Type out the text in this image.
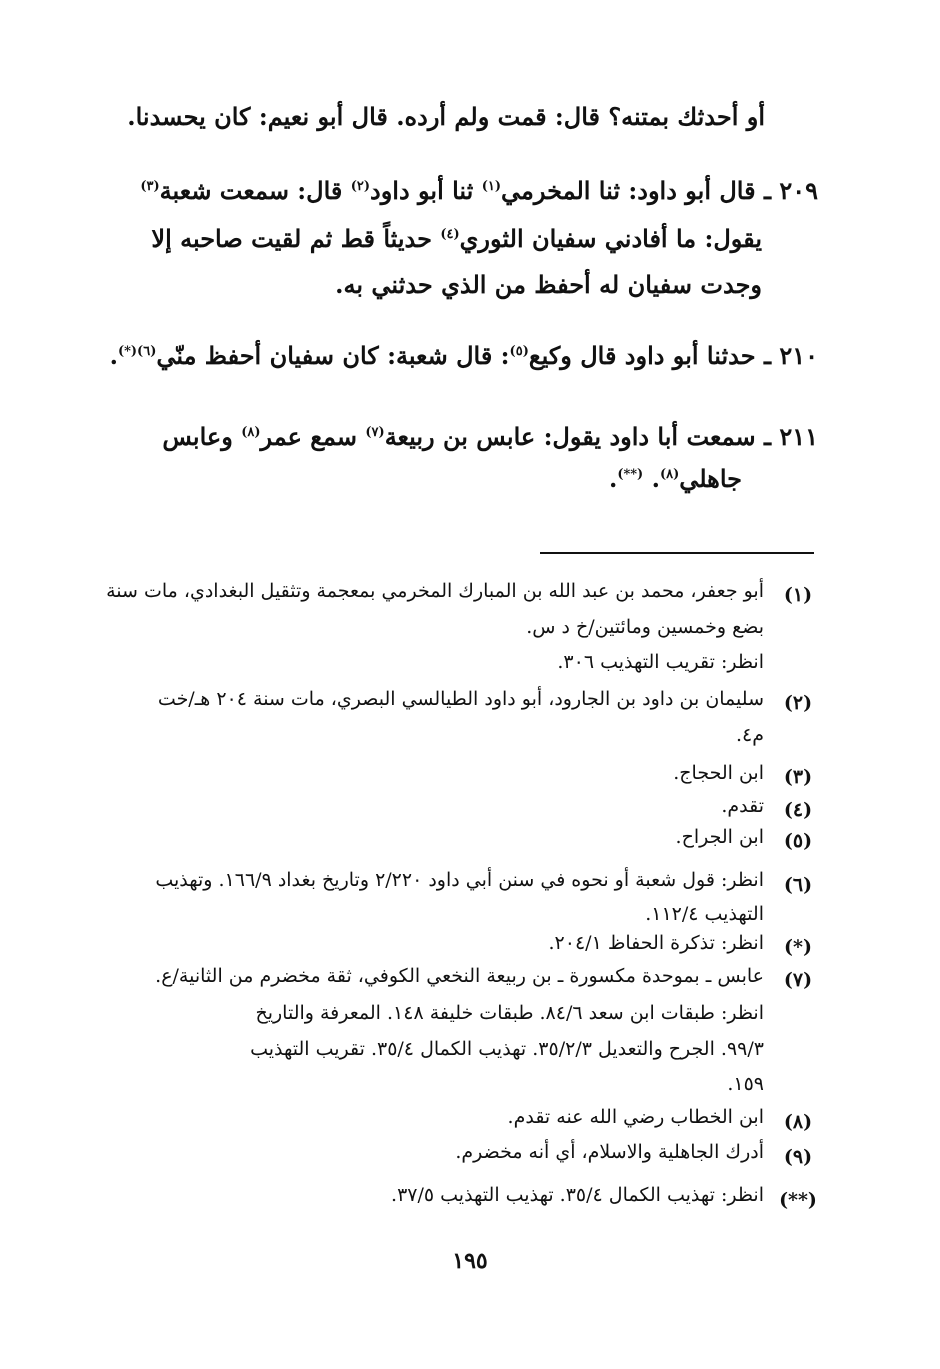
أو أحدثك بمتنه؟ قال: قمت ولم أرده. قال أبو نعيم: كان يحسدنا.
٢٠٩ ـ قال أبو داود: ثنا المخرمي$^{(١)}$ ثنا أبو داود$^{(٢)}$ قال: سمعت شعبة$^{(٣)}$
يقول: ما أفادني سفيان الثوري$^{(٤)}$ حديثاً قط ثم لقيت صاحبه إلا
وجدت سفيان له أحفظ من الذي حدثني به.
٢١٠ ـ حدثنا أبو داود قال وكيع$^{(٥)}$: قال شعبة: كان سفيان أحفظ منّي$^{(٦)(*)}$.
٢١١ ـ سمعت أبا داود يقول: عابس بن ربيعة$^{(٧)}$ سمع عمر$^{(٨)}$ وعابس
جاهلي$^{(٨)}$. (**).
(١)
أبو جعفر، محمد بن عبد الله بن المبارك المخرمي بمعجمة وتثقيل البغدادي، مات سنة
بضع وخمسين ومائتين/خ د س.
انظر: تقريب التهذيب ٣٠٦.
(٢)
سليمان بن داود بن الجارود، أبو داود الطيالسي البصري، مات سنة ٢٠٤ هـ/خت
م٤.
(٣)
ابن الحجاج.
(٤)
تقدم.
(٥)
ابن الجراح.
(٦)
انظر: قول شعبة أو نحوه في سنن أبي داود ٢/٢٢٠ وتاريخ بغداد ١٦٦/٩. وتهذيب
التهذيب ١١٢/٤.
(*)
انظر: تذكرة الحفاظ ٢٠٤/١.
(٧)
عابس ـ بموحدة مكسورة ـ بن ربيعة النخعي الكوفي، ثقة مخضرم من الثانية/ع.
انظر: طبقات ابن سعد ٨٤/٦. طبقات خليفة ١٤٨. المعرفة والتاريخ
٩٩/٣. الجرح والتعديل ٣٥/٢/٣. تهذيب الكمال ٣٥/٤. تقريب التهذيب
١٥٩.
(٨)
ابن الخطاب رضي الله عنه تقدم.
(٩)
أدرك الجاهلية والاسلام، أي أنه مخضرم.
(**)
انظر: تهذيب الكمال ٣٥/٤. تهذيب التهذيب ٣٧/٥.
١٩٥
